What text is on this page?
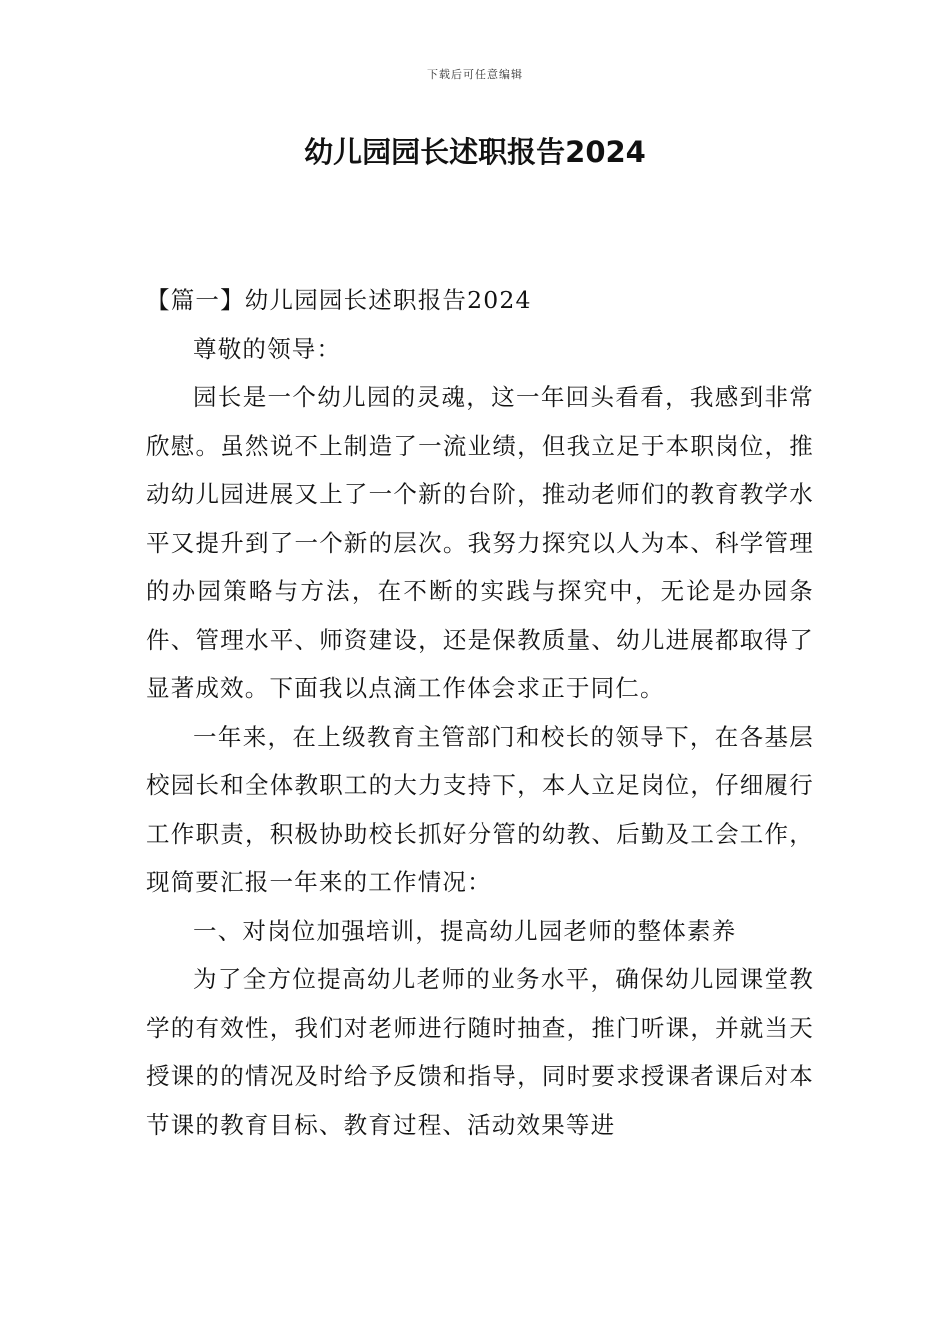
下载后可任意编辑
幼儿园园长述职报告2024

【篇一】幼儿园园长述职报告2024

尊敬的领导：

园长是一个幼儿园的灵魂，这一年回头看看，我感到非常欣慰。虽然说不上制造了一流业绩，但我立足于本职岗位，推动幼儿园进展又上了一个新的台阶，推动老师们的教育教学水平又提升到了一个新的层次。我努力探究以人为本、科学管理的办园策略与方法，在不断的实践与探究中，无论是办园条件、管理水平、师资建设，还是保教质量、幼儿进展都取得了显著成效。下面我以点滴工作体会求正于同仁。

一年来，在上级教育主管部门和校长的领导下，在各基层校园长和全体教职工的大力支持下，本人立足岗位，仔细履行工作职责，积极协助校长抓好分管的幼教、后勤及工会工作，现简要汇报一年来的工作情况：

一、对岗位加强培训，提高幼儿园老师的整体素养

为了全方位提高幼儿老师的业务水平，确保幼儿园课堂教学的有效性，我们对老师进行随时抽查，推门听课，并就当天授课的的情况及时给予反馈和指导，同时要求授课者课后对本节课的教育目标、教育过程、活动效果等进
